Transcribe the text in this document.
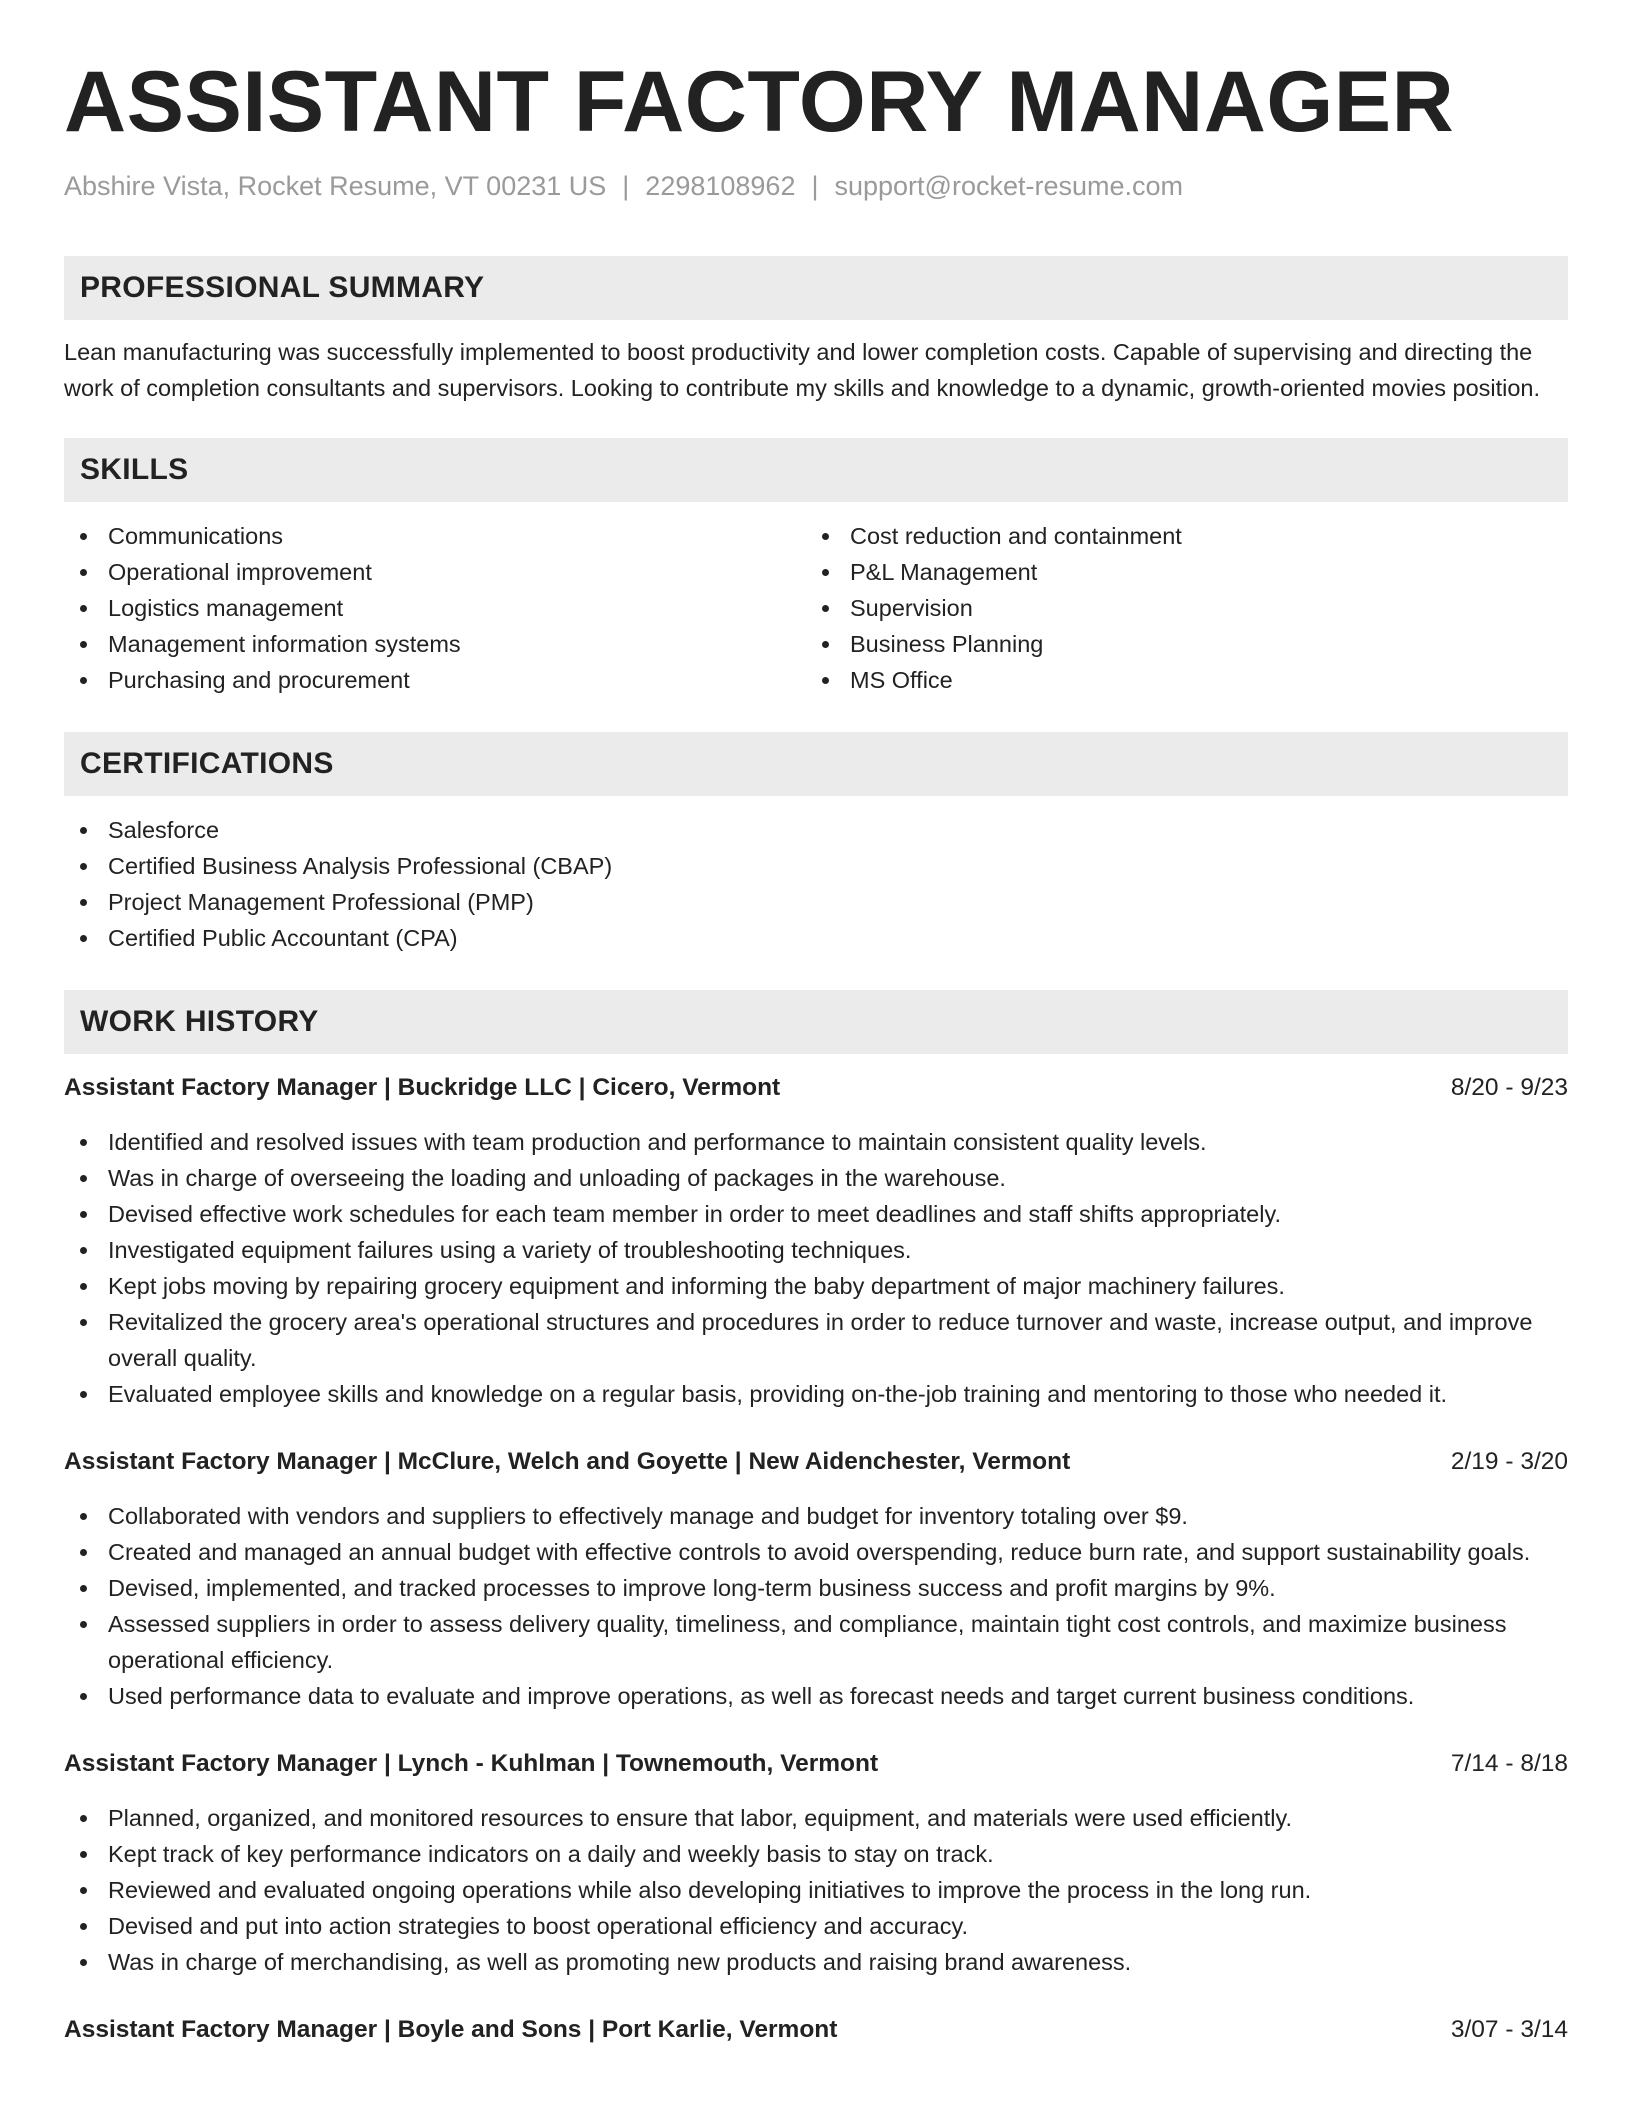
ASSISTANT FACTORY MANAGER
Abshire Vista, Rocket Resume, VT 00231 US | 2298108962 | support@rocket-resume.com
PROFESSIONAL SUMMARY
Lean manufacturing was successfully implemented to boost productivity and lower completion costs. Capable of supervising and directing the work of completion consultants and supervisors. Looking to contribute my skills and knowledge to a dynamic, growth-oriented movies position.
SKILLS
Communications
Operational improvement
Logistics management
Management information systems
Purchasing and procurement
Cost reduction and containment
P&L Management
Supervision
Business Planning
MS Office
CERTIFICATIONS
Salesforce
Certified Business Analysis Professional (CBAP)
Project Management Professional (PMP)
Certified Public Accountant (CPA)
WORK HISTORY
Assistant Factory Manager | Buckridge LLC | Cicero, Vermont	8/20 - 9/23
Identified and resolved issues with team production and performance to maintain consistent quality levels.
Was in charge of overseeing the loading and unloading of packages in the warehouse.
Devised effective work schedules for each team member in order to meet deadlines and staff shifts appropriately.
Investigated equipment failures using a variety of troubleshooting techniques.
Kept jobs moving by repairing grocery equipment and informing the baby department of major machinery failures.
Revitalized the grocery area's operational structures and procedures in order to reduce turnover and waste, increase output, and improve overall quality.
Evaluated employee skills and knowledge on a regular basis, providing on-the-job training and mentoring to those who needed it.
Assistant Factory Manager | McClure, Welch and Goyette | New Aidenchester, Vermont	2/19 - 3/20
Collaborated with vendors and suppliers to effectively manage and budget for inventory totaling over $9.
Created and managed an annual budget with effective controls to avoid overspending, reduce burn rate, and support sustainability goals.
Devised, implemented, and tracked processes to improve long-term business success and profit margins by 9%.
Assessed suppliers in order to assess delivery quality, timeliness, and compliance, maintain tight cost controls, and maximize business operational efficiency.
Used performance data to evaluate and improve operations, as well as forecast needs and target current business conditions.
Assistant Factory Manager | Lynch - Kuhlman | Townemouth, Vermont	7/14 - 8/18
Planned, organized, and monitored resources to ensure that labor, equipment, and materials were used efficiently.
Kept track of key performance indicators on a daily and weekly basis to stay on track.
Reviewed and evaluated ongoing operations while also developing initiatives to improve the process in the long run.
Devised and put into action strategies to boost operational efficiency and accuracy.
Was in charge of merchandising, as well as promoting new products and raising brand awareness.
Assistant Factory Manager | Boyle and Sons | Port Karlie, Vermont	3/07 - 3/14
